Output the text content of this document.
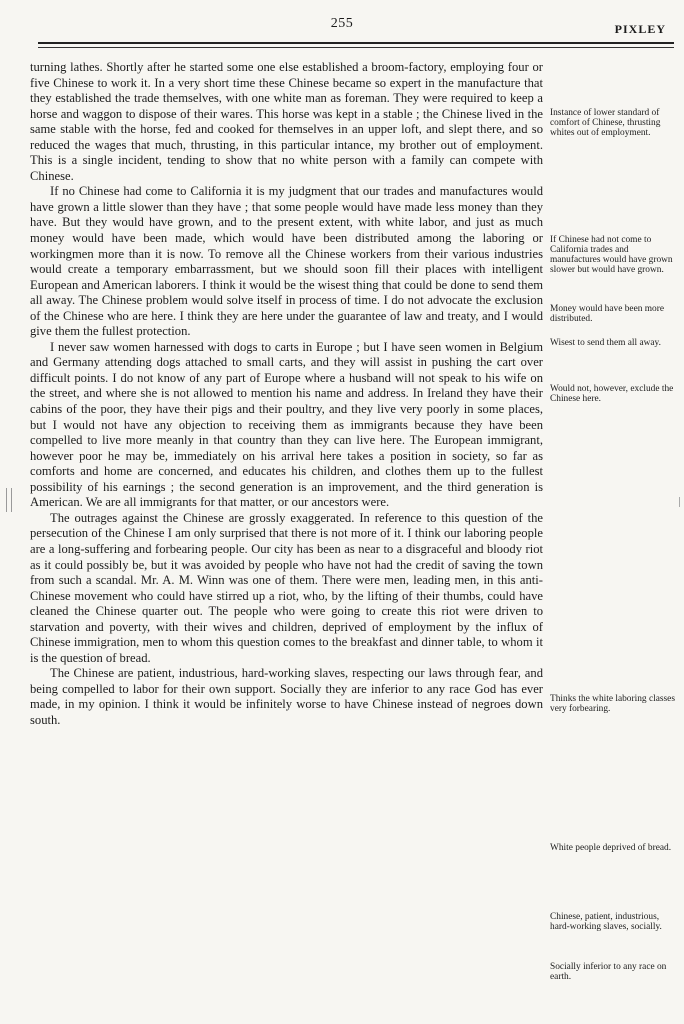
255	PIXLEY

turning lathes. Shortly after he started some one else established a broom-factory, employing four or five Chinese to work it. In a very short time these Chinese became so expert in the manufacture that they established the trade themselves, with one white man as foreman. They were required to keep a horse and waggon to dispose of their wares. This horse was kept in a stable ; the Chinese lived in the same stable with the horse, fed and cooked for themselves in an upper loft, and slept there, and so reduced the wages that much, thrusting, in this particular intance, my brother out of employment. This is a single incident, tending to show that no white person with a family can compete with Chinese.

If no Chinese had come to California it is my judgment that our trades and manufactures would have grown a little slower than they have ; that some people would have made less money than they have. But they would have grown, and to the present extent, with white labor, and just as much money would have been made, which would have been distributed among the laboring or workingmen more than it is now. To remove all the Chinese workers from their various industries would create a temporary embarrassment, but we should soon fill their places with intelligent European and American laborers. I think it would be the wisest thing that could be done to send them all away. The Chinese problem would solve itself in process of time. I do not advocate the exclusion of the Chinese who are here. I think they are here under the guarantee of law and treaty, and I would give them the fullest protection.

I never saw women harnessed with dogs to carts in Europe ; but I have seen women in Belgium and Germany attending dogs attached to small carts, and they will assist in pushing the cart over difficult points. I do not know of any part of Europe where a husband will not speak to his wife on the street, and where she is not allowed to mention his name and address. In Ireland they have their cabins of the poor, they have their pigs and their poultry, and they live very poorly in some places, but I would not have any objection to receiving them as immigrants because they have been compelled to live more meanly in that country than they can live here. The European immigrant, however poor he may be, immediately on his arrival here takes a position in society, so far as comforts and home are concerned, and educates his children, and clothes them up to the fullest possibility of his earnings ; the second generation is an improvement, and the third generation is American. We are all immigrants for that matter, or our ancestors were.

The outrages against the Chinese are grossly exaggerated. In reference to this question of the persecution of the Chinese I am only surprised that there is not more of it. I think our laboring people are a long-suffering and forbearing people. Our city has been as near to a disgraceful and bloody riot as it could possibly be, but it was avoided by people who have not had the credit of saving the town from such a scandal. Mr. A. M. Winn was one of them. There were men, leading men, in this anti-Chinese movement who could have stirred up a riot, who, by the lifting of their thumbs, could have cleaned the Chinese quarter out. The people who were going to create this riot were driven to starvation and poverty, with their wives and children, deprived of employment by the influx of Chinese immigration, men to whom this question comes to the breakfast and dinner table, to whom it is the question of bread.

The Chinese are patient, industrious, hard-working slaves, respecting our laws through fear, and being compelled to labor for their own support. Socially they are inferior to any race God has ever made, in my opinion. I think it would be infinitely worse to have Chinese instead of negroes down south.

Instance of lower standard of comfort of Chinese, thrusting whites out of employment.
If Chinese had not come to California trades and manufactures would have grown slower but would have grown.
Money would have been more distributed.
Wisest to send them all away.
Would not, however, exclude the Chinese here.
Thinks the white laboring classes very forbearing.
White people deprived of bread.
Chinese, patient, industrious, hard-working slaves, socially.
Socially inferior to any race on earth.
